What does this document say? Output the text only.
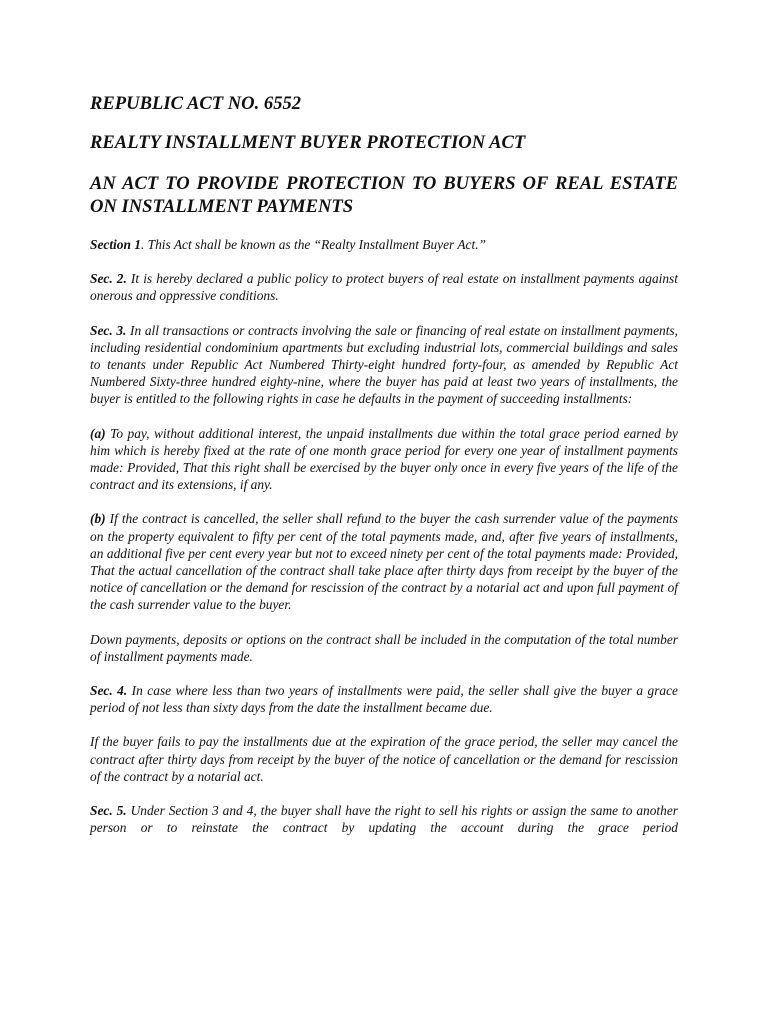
REPUBLIC ACT NO. 6552
REALTY INSTALLMENT BUYER PROTECTION ACT
AN ACT TO PROVIDE PROTECTION TO BUYERS OF REAL ESTATE ON INSTALLMENT PAYMENTS

Section 1. This Act shall be known as the “Realty Installment Buyer Act.”

Sec. 2. It is hereby declared a public policy to protect buyers of real estate on installment payments against onerous and oppressive conditions.

Sec. 3. In all transactions or contracts involving the sale or financing of real estate on installment payments, including residential condominium apartments but excluding industrial lots, commercial buildings and sales to tenants under Republic Act Numbered Thirty-eight hundred forty-four, as amended by Republic Act Numbered Sixty-three hundred eighty-nine, where the buyer has paid at least two years of installments, the buyer is entitled to the following rights in case he defaults in the payment of succeeding installments:

(a) To pay, without additional interest, the unpaid installments due within the total grace period earned by him which is hereby fixed at the rate of one month grace period for every one year of installment payments made: Provided, That this right shall be exercised by the buyer only once in every five years of the life of the contract and its extensions, if any.

(b) If the contract is cancelled, the seller shall refund to the buyer the cash surrender value of the payments on the property equivalent to fifty per cent of the total payments made, and, after five years of installments, an additional five per cent every year but not to exceed ninety per cent of the total payments made: Provided, That the actual cancellation of the contract shall take place after thirty days from receipt by the buyer of the notice of cancellation or the demand for rescission of the contract by a notarial act and upon full payment of the cash surrender value to the buyer.

Down payments, deposits or options on the contract shall be included in the computation of the total number of installment payments made.

Sec. 4. In case where less than two years of installments were paid, the seller shall give the buyer a grace period of not less than sixty days from the date the installment became due.

If the buyer fails to pay the installments due at the expiration of the grace period, the seller may cancel the contract after thirty days from receipt by the buyer of the notice of cancellation or the demand for rescission of the contract by a notarial act.

Sec. 5. Under Section 3 and 4, the buyer shall have the right to sell his rights or assign the same to another person or to reinstate the contract by updating the account during the grace period
